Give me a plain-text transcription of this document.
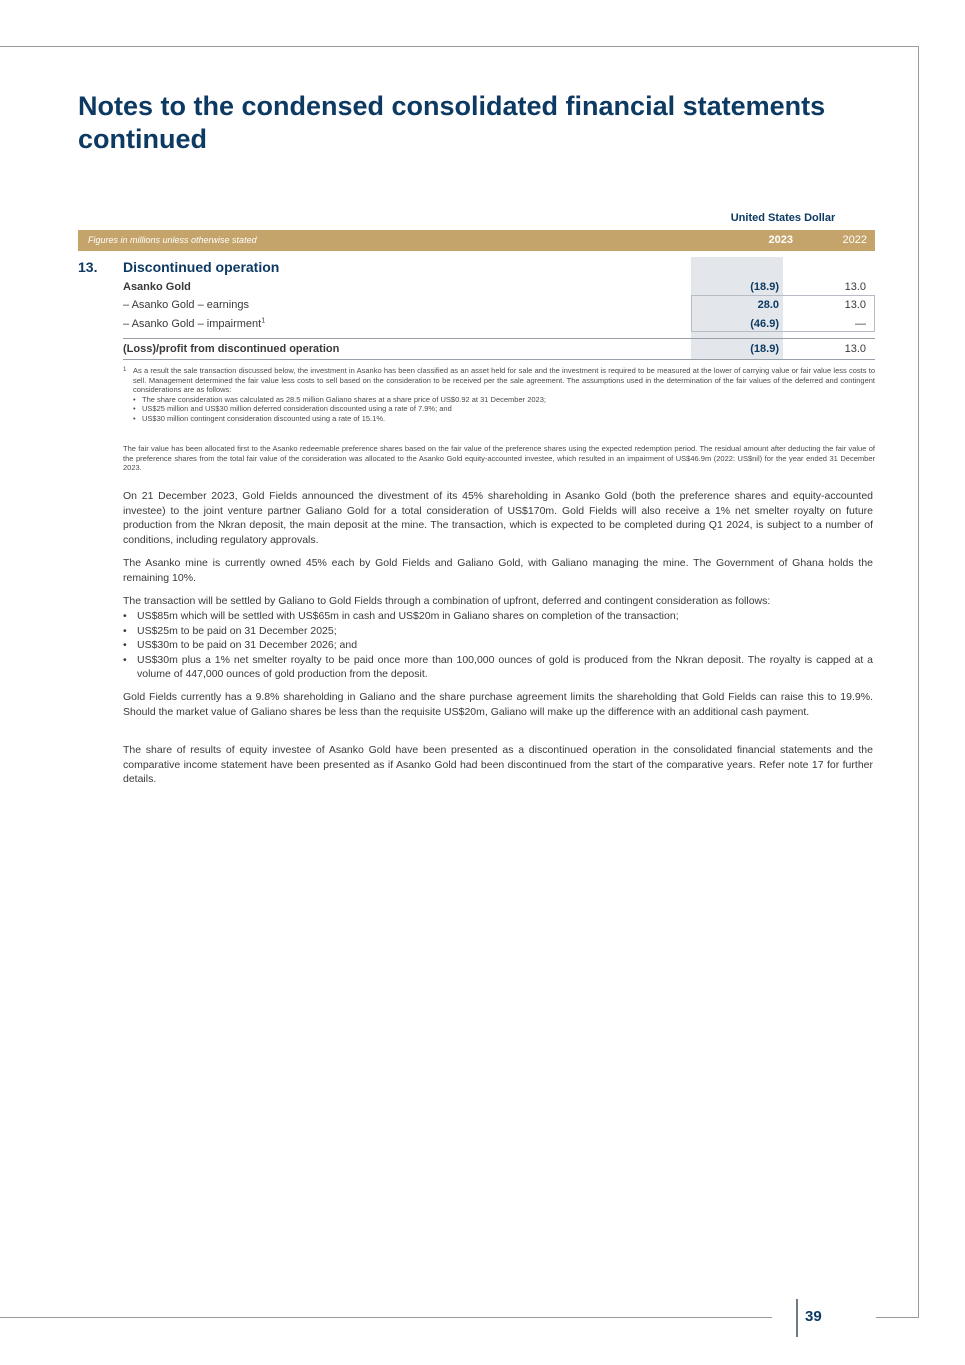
Notes to the condensed consolidated financial statements continued
United States Dollar
Figures in millions unless otherwise stated	2023	2022
13. Discontinued operation
Asanko Gold	(18.9)	13.0
– Asanko Gold – earnings	28.0	13.0
– Asanko Gold – impairment$^1$	(46.9)	—
(Loss)/profit from discontinued operation	(18.9)	13.0
1 As a result the sale transaction discussed below, the investment in Asanko has been classified as an asset held for sale and the investment is required to be measured at the lower of carrying value or fair value less costs to sell. Management determined the fair value less costs to sell based on the consideration to be received per the sale agreement. The assumptions used in the determination of the fair values of the deferred and contingent considerations are as follows:
• The share consideration was calculated as 28.5 million Galiano shares at a share price of US$0.92 at 31 December 2023;
• US$25 million and US$30 million deferred consideration discounted using a rate of 7.9%; and
• US$30 million contingent consideration discounted using a rate of 15.1%.
The fair value has been allocated first to the Asanko redeemable preference shares based on the fair value of the preference shares using the expected redemption period. The residual amount after deducting the fair value of the preference shares from the total fair value of the consideration was allocated to the Asanko Gold equity-accounted investee, which resulted in an impairment of US$46.9m (2022: US$nil) for the year ended 31 December 2023.

On 21 December 2023, Gold Fields announced the divestment of its 45% shareholding in Asanko Gold (both the preference shares and equity-accounted investee) to the joint venture partner Galiano Gold for a total consideration of US$170m. Gold Fields will also receive a 1% net smelter royalty on future production from the Nkran deposit, the main deposit at the mine. The transaction, which is expected to be completed during Q1 2024, is subject to a number of conditions, including regulatory approvals.

The Asanko mine is currently owned 45% each by Gold Fields and Galiano Gold, with Galiano managing the mine. The Government of Ghana holds the remaining 10%.

The transaction will be settled by Galiano to Gold Fields through a combination of upfront, deferred and contingent consideration as follows:

• US$85m which will be settled with US$65m in cash and US$20m in Galiano shares on completion of the transaction;
• US$25m to be paid on 31 December 2025;
• US$30m to be paid on 31 December 2026; and
• US$30m plus a 1% net smelter royalty to be paid once more than 100,000 ounces of gold is produced from the Nkran deposit. The royalty is capped at a volume of 447,000 ounces of gold production from the deposit.

Gold Fields currently has a 9.8% shareholding in Galiano and the share purchase agreement limits the shareholding that Gold Fields can raise this to 19.9%. Should the market value of Galiano shares be less than the requisite US$20m, Galiano will make up the difference with an additional cash payment.

The share of results of equity investee of Asanko Gold have been presented as a discontinued operation in the consolidated financial statements and the comparative income statement have been presented as if Asanko Gold had been discontinued from the start of the comparative years. Refer note 17 for further details.

39
